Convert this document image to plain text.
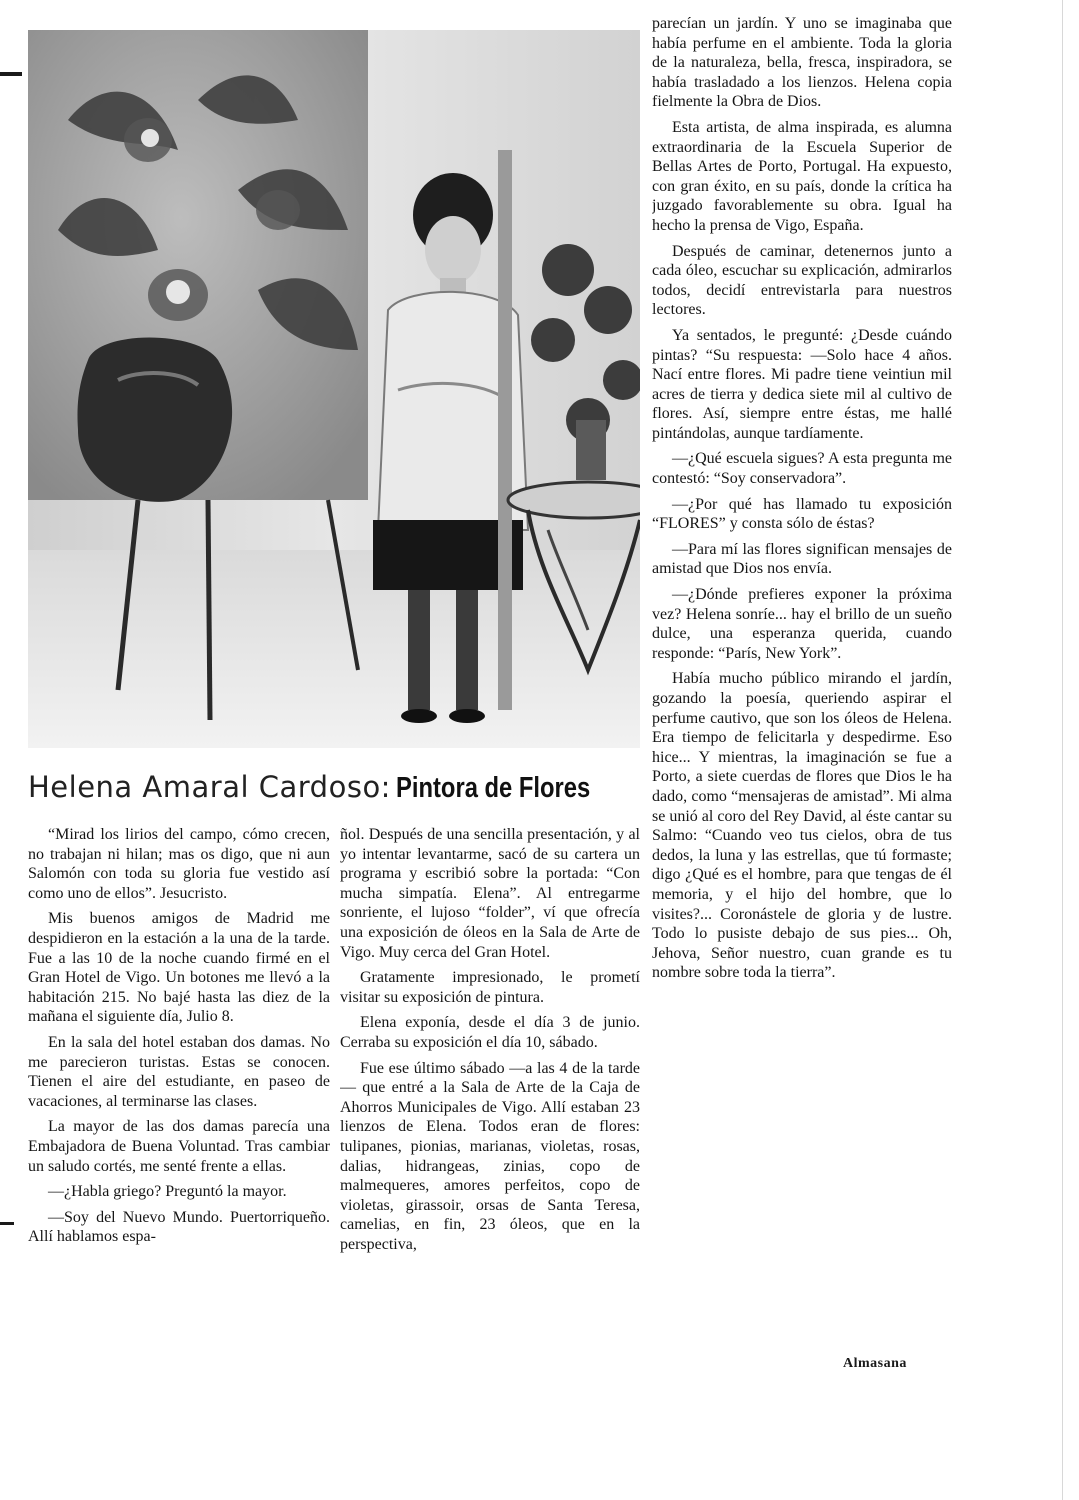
Helena Amaral Cardoso: Pintora de Flores

“Mirad los lirios del campo, cómo crecen, no trabajan ni hilan; mas os digo, que ni aun Salomón con toda su gloria fue vestido así como uno de ellos”. Jesucristo.

Mis buenos amigos de Madrid me despidieron en la estación a la una de la tarde. Fue a las 10 de la noche cuando firmé en el Gran Hotel de Vigo. Un botones me llevó a la habitación 215. No bajé hasta las diez de la mañana el siguiente día, Julio 8.

En la sala del hotel estaban dos damas. No me parecieron turistas. Estas se conocen. Tienen el aire del estudiante, en paseo de vacaciones, al terminarse las clases.

La mayor de las dos damas parecía una Embajadora de Buena Voluntad. Tras cambiar un saludo cortés, me senté frente a ellas.

—¿Habla griego? Preguntó la mayor.

—Soy del Nuevo Mundo. Puertorriqueño. Allí hablamos espa-

ñol. Después de una sencilla presentación, y al yo intentar levantarme, sacó de su cartera un programa y escribió sobre la portada: “Con mucha simpatía. Elena”. Al entregarme sonriente, el lujoso “folder”, ví que ofrecía una exposición de óleos en la Sala de Arte de Vigo. Muy cerca del Gran Hotel.

Gratamente impresionado, le prometí visitar su exposición de pintura.

Elena exponía, desde el día 3 de junio. Cerraba su exposición el día 10, sábado.

Fue ese último sábado —a las 4 de la tarde— que entré a la Sala de Arte de la Caja de Ahorros Municipales de Vigo. Allí estaban 23 lienzos de Elena. Todos eran de flores: tulipanes, pionias, marianas, violetas, rosas, dalias, hidrangeas, zinias, copo de malmequeres, amores perfeitos, copo de violetas, girassoir, orsas de Santa Teresa, camelias, en fin, 23 óleos, que en la perspectiva,

parecían un jardín. Y uno se imaginaba que había perfume en el ambiente. Toda la gloria de la naturaleza, bella, fresca, inspiradora, se había trasladado a los lienzos. Helena copia fielmente la Obra de Dios.

Esta artista, de alma inspirada, es alumna extraordinaria de la Escuela Superior de Bellas Artes de Porto, Portugal. Ha expuesto, con gran éxito, en su país, donde la crítica ha juzgado favorablemente su obra. Igual ha hecho la prensa de Vigo, España.

Después de caminar, detenernos junto a cada óleo, escuchar su explicación, admirarlos todos, decidí entrevistarla para nuestros lectores.

Ya sentados, le pregunté: ¿Desde cuándo pintas? “Su respuesta: —Solo hace 4 años. Nací entre flores. Mi padre tiene veintiun mil acres de tierra y dedica siete mil al cultivo de flores. Así, siempre entre éstas, me hallé pintándolas, aunque tardíamente.

—¿Qué escuela sigues? A esta pregunta me contestó: “Soy conservadora”.

—¿Por qué has llamado tu exposición “FLORES” y consta sólo de éstas?

—Para mí las flores significan mensajes de amistad que Dios nos envía.

—¿Dónde prefieres exponer la próxima vez? Helena sonríe... hay el brillo de un sueño dulce, una esperanza querida, cuando responde: “París, New York”.

Había mucho público mirando el jardín, gozando la poesía, queriendo aspirar el perfume cautivo, que son los óleos de Helena. Era tiempo de felicitarla y despedirme. Eso hice... Y mientras, la imaginación se fue a Porto, a siete cuerdas de flores que Dios le ha dado, como “mensajeras de amistad”. Mi alma se unió al coro del Rey David, al éste cantar su Salmo: “Cuando veo tus cielos, obra de tus dedos, la luna y las estrellas, que tú formaste; digo ¿Qué es el hombre, para que tengas de él memoria, y el hijo del hombre, que lo visites?... Coronástele de gloria y de lustre. Todo lo pusiste debajo de sus pies... Oh, Jehova, Señor nuestro, cuan grande es tu nombre sobre toda la tierra”.

Almasana
